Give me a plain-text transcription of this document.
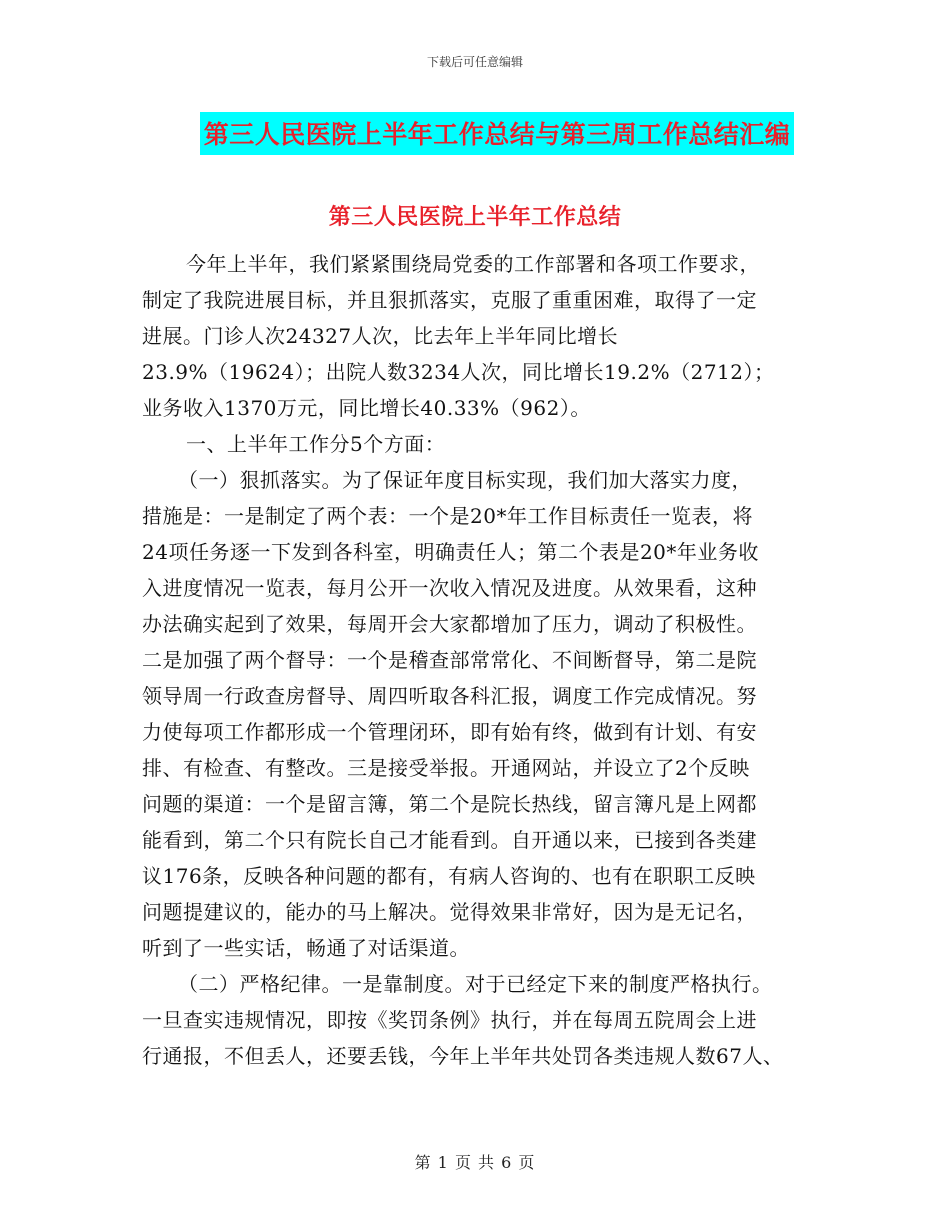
下载后可任意编辑
第三人民医院上半年工作总结与第三周工作总结汇编
第三人民医院上半年工作总结
今年上半年，我们紧紧围绕局党委的工作部署和各项工作要求，
制定了我院进展目标，并且狠抓落实，克服了重重困难，取得了一定
进展。门诊人次24327人次，比去年上半年同比增长
23.9%（19624）；出院人数3234人次，同比增长19.2%（2712）；
业务收入1370万元，同比增长40.33%（962）。
一、上半年工作分5个方面：
（一）狠抓落实。为了保证年度目标实现，我们加大落实力度，
措施是：一是制定了两个表：一个是20*年工作目标责任一览表，将
24项任务逐一下发到各科室，明确责任人；第二个表是20*年业务收
入进度情况一览表，每月公开一次收入情况及进度。从效果看，这种
办法确实起到了效果，每周开会大家都增加了压力，调动了积极性。
二是加强了两个督导：一个是稽查部常常化、不间断督导，第二是院
领导周一行政查房督导、周四听取各科汇报，调度工作完成情况。努
力使每项工作都形成一个管理闭环，即有始有终，做到有计划、有安
排、有检查、有整改。三是接受举报。开通网站，并设立了2个反映
问题的渠道：一个是留言簿，第二个是院长热线，留言簿凡是上网都
能看到，第二个只有院长自己才能看到。自开通以来，已接到各类建
议176条，反映各种问题的都有，有病人咨询的、也有在职职工反映
问题提建议的，能办的马上解决。觉得效果非常好，因为是无记名，
听到了一些实话，畅通了对话渠道。
（二）严格纪律。一是靠制度。对于已经定下来的制度严格执行。
一旦查实违规情况，即按《奖罚条例》执行，并在每周五院周会上进
行通报，不但丢人，还要丢钱，今年上半年共处罚各类违规人数67人、
第 1 页 共 6 页
